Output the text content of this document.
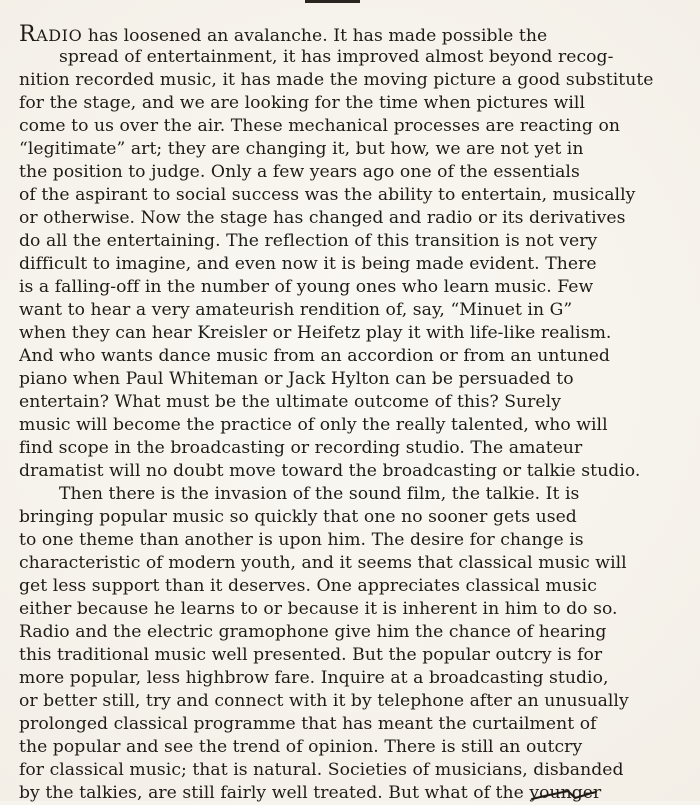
RADIO has loosened an avalanche. It has made possible the
spread of entertainment, it has improved almost beyond recog-
nition recorded music, it has made the moving picture a good substitute
for the stage, and we are looking for the time when pictures will
come to us over the air. These mechanical processes are reacting on
“legitimate” art; they are changing it, but how, we are not yet in
the position to judge. Only a few years ago one of the essentials
of the aspirant to social success was the ability to entertain, musically
or otherwise. Now the stage has changed and radio or its derivatives
do all the entertaining. The reflection of this transition is not very
difficult to imagine, and even now it is being made evident. There
is a falling-off in the number of young ones who learn music. Few
want to hear a very amateurish rendition of, say, “Minuet in G”
when they can hear Kreisler or Heifetz play it with life-like realism.
And who wants dance music from an accordion or from an untuned
piano when Paul Whiteman or Jack Hylton can be persuaded to
entertain? What must be the ultimate outcome of this? Surely
music will become the practice of only the really talented, who will
find scope in the broadcasting or recording studio. The amateur
dramatist will no doubt move toward the broadcasting or talkie studio.
Then there is the invasion of the sound film, the talkie. It is
bringing popular music so quickly that one no sooner gets used
to one theme than another is upon him. The desire for change is
characteristic of modern youth, and it seems that classical music will
get less support than it deserves. One appreciates classical music
either because he learns to or because it is inherent in him to do so.
Radio and the electric gramophone give him the chance of hearing
this traditional music well presented. But the popular outcry is for
more popular, less highbrow fare. Inquire at a broadcasting studio,
or better still, try and connect with it by telephone after an unusually
prolonged classical programme that has meant the curtailment of
the popular and see the trend of opinion. There is still an outcry
for classical music; that is natural. Societies of musicians, disbanded
by the talkies, are still fairly well treated. But what of the younger
